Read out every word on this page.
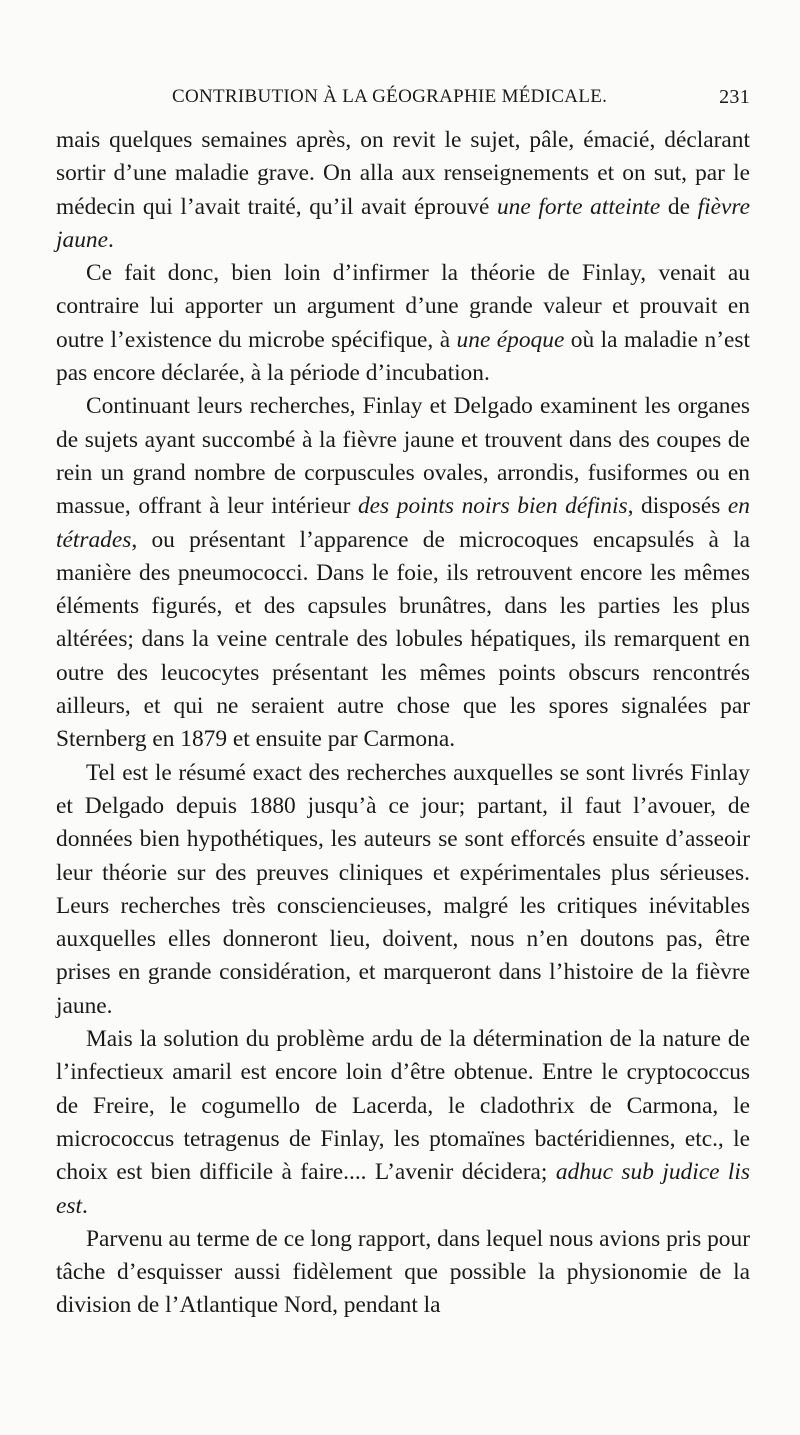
CONTRIBUTION À LA GÉOGRAPHIE MÉDICALE.	231

mais quelques semaines après, on revit le sujet, pâle, émacié, déclarant sortir d’une maladie grave. On alla aux renseignements et on sut, par le médecin qui l’avait traité, qu’il avait éprouvé une forte atteinte de fièvre jaune.

Ce fait donc, bien loin d’infirmer la théorie de Finlay, venait au contraire lui apporter un argument d’une grande valeur et prouvait en outre l’existence du microbe spécifique, à une époque où la maladie n’est pas encore déclarée, à la période d’incubation.

Continuant leurs recherches, Finlay et Delgado examinent les organes de sujets ayant succombé à la fièvre jaune et trouvent dans des coupes de rein un grand nombre de corpuscules ovales, arrondis, fusiformes ou en massue, offrant à leur intérieur des points noirs bien définis, disposés en tétrades, ou présentant l’apparence de microcoques encapsulés à la manière des pneumococci. Dans le foie, ils retrouvent encore les mêmes éléments figurés, et des capsules brunâtres, dans les parties les plus altérées; dans la veine centrale des lobules hépatiques, ils remarquent en outre des leucocytes présentant les mêmes points obscurs rencontrés ailleurs, et qui ne seraient autre chose que les spores signalées par Sternberg en 1879 et ensuite par Carmona.

Tel est le résumé exact des recherches auxquelles se sont livrés Finlay et Delgado depuis 1880 jusqu’à ce jour; partant, il faut l’avouer, de données bien hypothétiques, les auteurs se sont efforcés ensuite d’asseoir leur théorie sur des preuves cliniques et expérimentales plus sérieuses. Leurs recherches très consciencieuses, malgré les critiques inévitables auxquelles elles donneront lieu, doivent, nous n’en doutons pas, être prises en grande considération, et marqueront dans l’histoire de la fièvre jaune.

Mais la solution du problème ardu de la détermination de la nature de l’infectieux amaril est encore loin d’être obtenue. Entre le cryptococcus de Freire, le cogumello de Lacerda, le cladothrix de Carmona, le micrococcus tetragenus de Finlay, les ptomaïnes bactéridiennes, etc., le choix est bien difficile à faire.... L’avenir décidera; adhuc sub judice lis est.

Parvenu au terme de ce long rapport, dans lequel nous avions pris pour tâche d’esquisser aussi fidèlement que possible la physionomie de la division de l’Atlantique Nord, pendant la
